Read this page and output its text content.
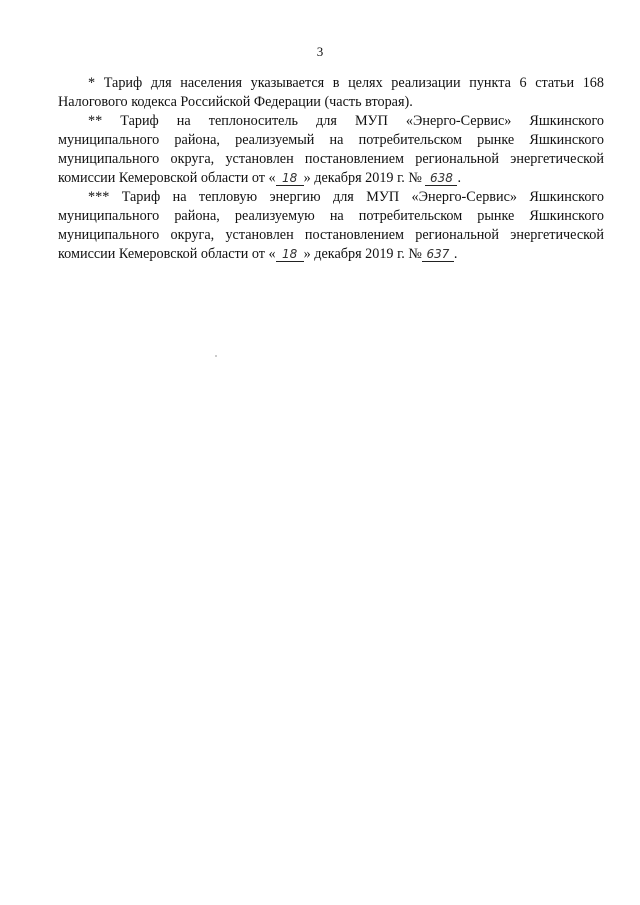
3

* Тариф для населения указывается в целях реализации пункта 6 статьи 168 Налогового кодекса Российской Федерации (часть вторая).

** Тариф на теплоноситель для МУП «Энерго-Сервис» Яшкинского муниципального района, реализуемый на потребительском рынке Яшкинского муниципального округа, установлен постановлением региональной энергетической комиссии Кемеровской области от « 18 » декабря 2019 г. № 638 .

*** Тариф на тепловую энергию для МУП «Энерго-Сервис» Яшкинского муниципального района, реализуемую на потребительском рынке Яшкинского муниципального округа, установлен постановлением региональной энергетической комиссии Кемеровской области от « 18 » декабря 2019 г. № 637 .
